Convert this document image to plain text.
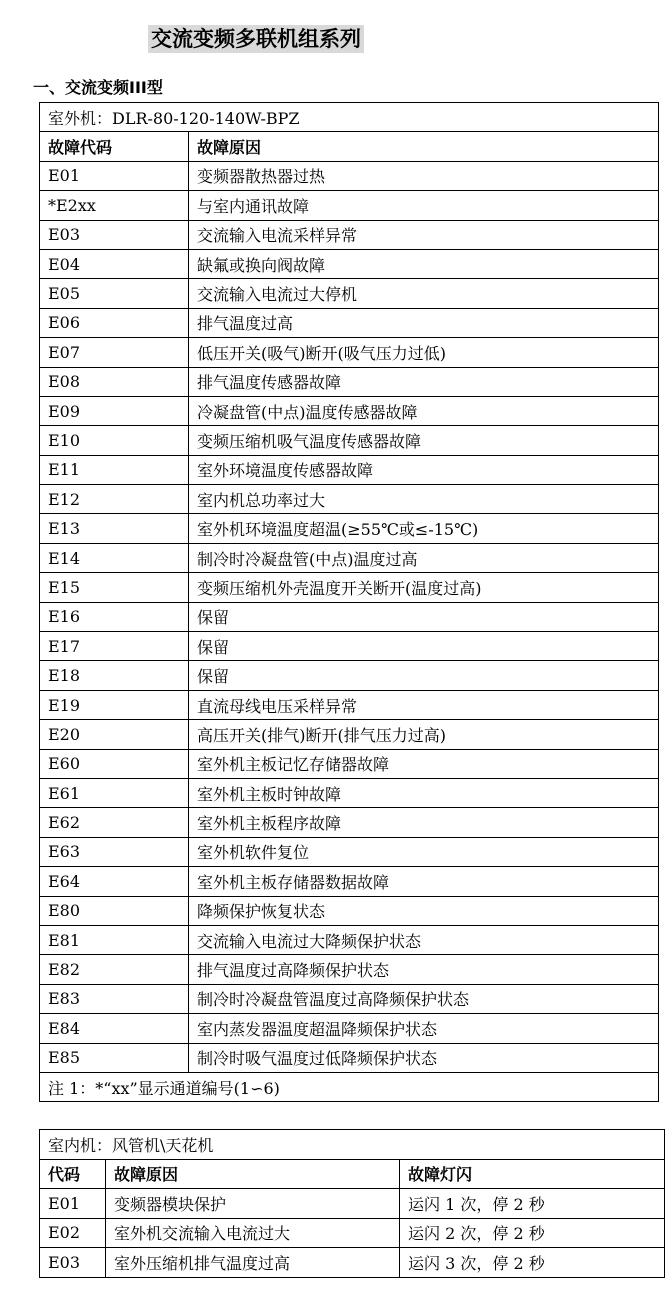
交流变频多联机组系列
一、交流变频III型
室外机：DLR-80-120-140W-BPZ	
故障代码	故障原因
E01	变频器散热器过热
*E2xx	与室内通讯故障
E03	交流输入电流采样异常
E04	缺氟或换向阀故障
E05	交流输入电流过大停机
E06	排气温度过高
E07	低压开关(吸气)断开(吸气压力过低)
E08	排气温度传感器故障
E09	冷凝盘管(中点)温度传感器故障
E10	变频压缩机吸气温度传感器故障
E11	室外环境温度传感器故障
E12	室内机总功率过大
E13	室外机环境温度超温(≥55℃或≤-15℃)
E14	制冷时冷凝盘管(中点)温度过高
E15	变频压缩机外壳温度开关断开(温度过高)
E16	保留
E17	保留
E18	保留
E19	直流母线电压采样异常
E20	高压开关(排气)断开(排气压力过高)
E60	室外机主板记忆存储器故障
E61	室外机主板时钟故障
E62	室外机主板程序故障
E63	室外机软件复位
E64	室外机主板存储器数据故障
E80	降频保护恢复状态
E81	交流输入电流过大降频保护状态
E82	排气温度过高降频保护状态
E83	制冷时冷凝盘管温度过高降频保护状态
E84	室内蒸发器温度超温降频保护状态
E85	制冷时吸气温度过低降频保护状态
注 1：*“xx”显示通道编号(1∽6)	
室内机：风管机\天花机		
代码	故障原因	故障灯闪
E01	变频器模块保护	运闪 1 次，停 2 秒
E02	室外机交流输入电流过大	运闪 2 次，停 2 秒
E03	室外压缩机排气温度过高	运闪 3 次，停 2 秒
